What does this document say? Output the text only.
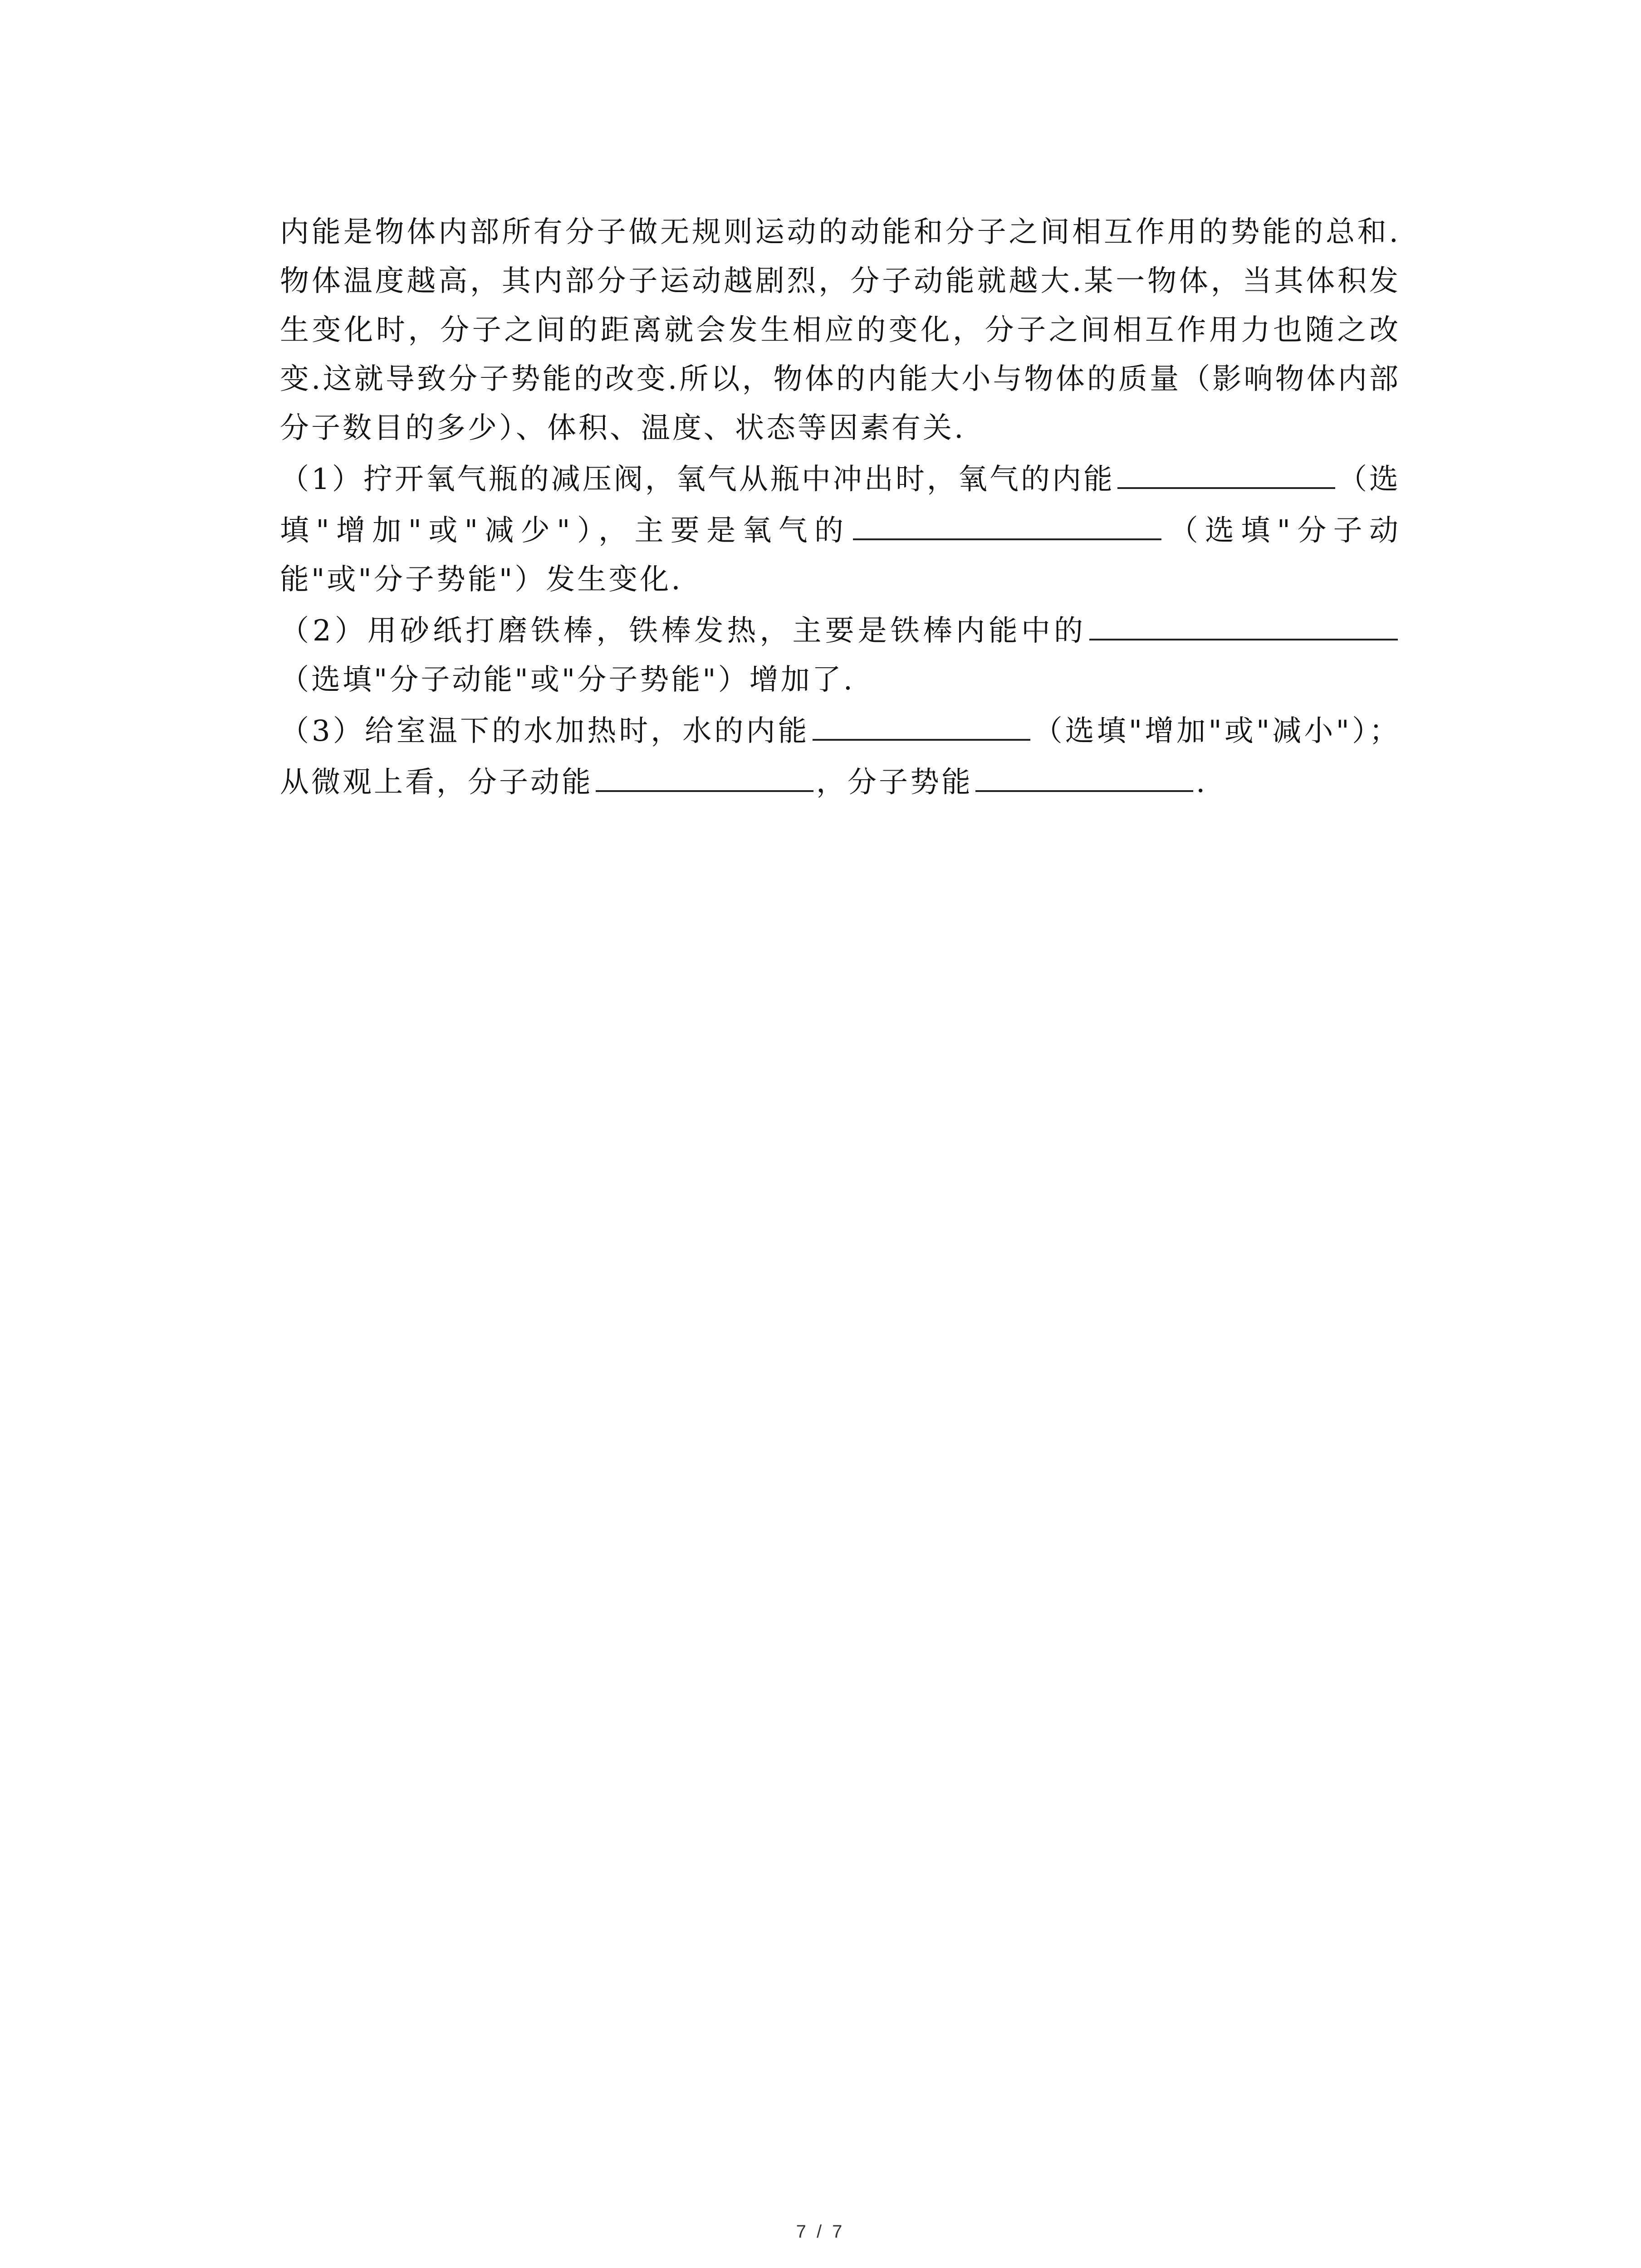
内能是物体内部所有分子做无规则运动的动能和分子之间相互作用的势能的总和.物体温度越高，其内部分子运动越剧烈，分子动能就越大.某一物体，当其体积发生变化时，分子之间的距离就会发生相应的变化，分子之间相互作用力也随之改变.这就导致分子势能的改变.所以，物体的内能大小与物体的质量（影响物体内部分子数目的多少）、体积、温度、状态等因素有关.

（1）拧开氧气瓶的减压阀，氧气从瓶中冲出时，氧气的内能	（选填"增加"或"减少"），主要是氧气的	（选填"分子动能"或"分子势能"）发生变化.

（2）用砂纸打磨铁棒，铁棒发热，主要是铁棒内能中的（选填"分子动能"或"分子势能"）增加了.

（3）给室温下的水加热时，水的内能	（选填"增加"或"减小"）；从微观上看，分子动能	，分子势能	.

7 / 7
